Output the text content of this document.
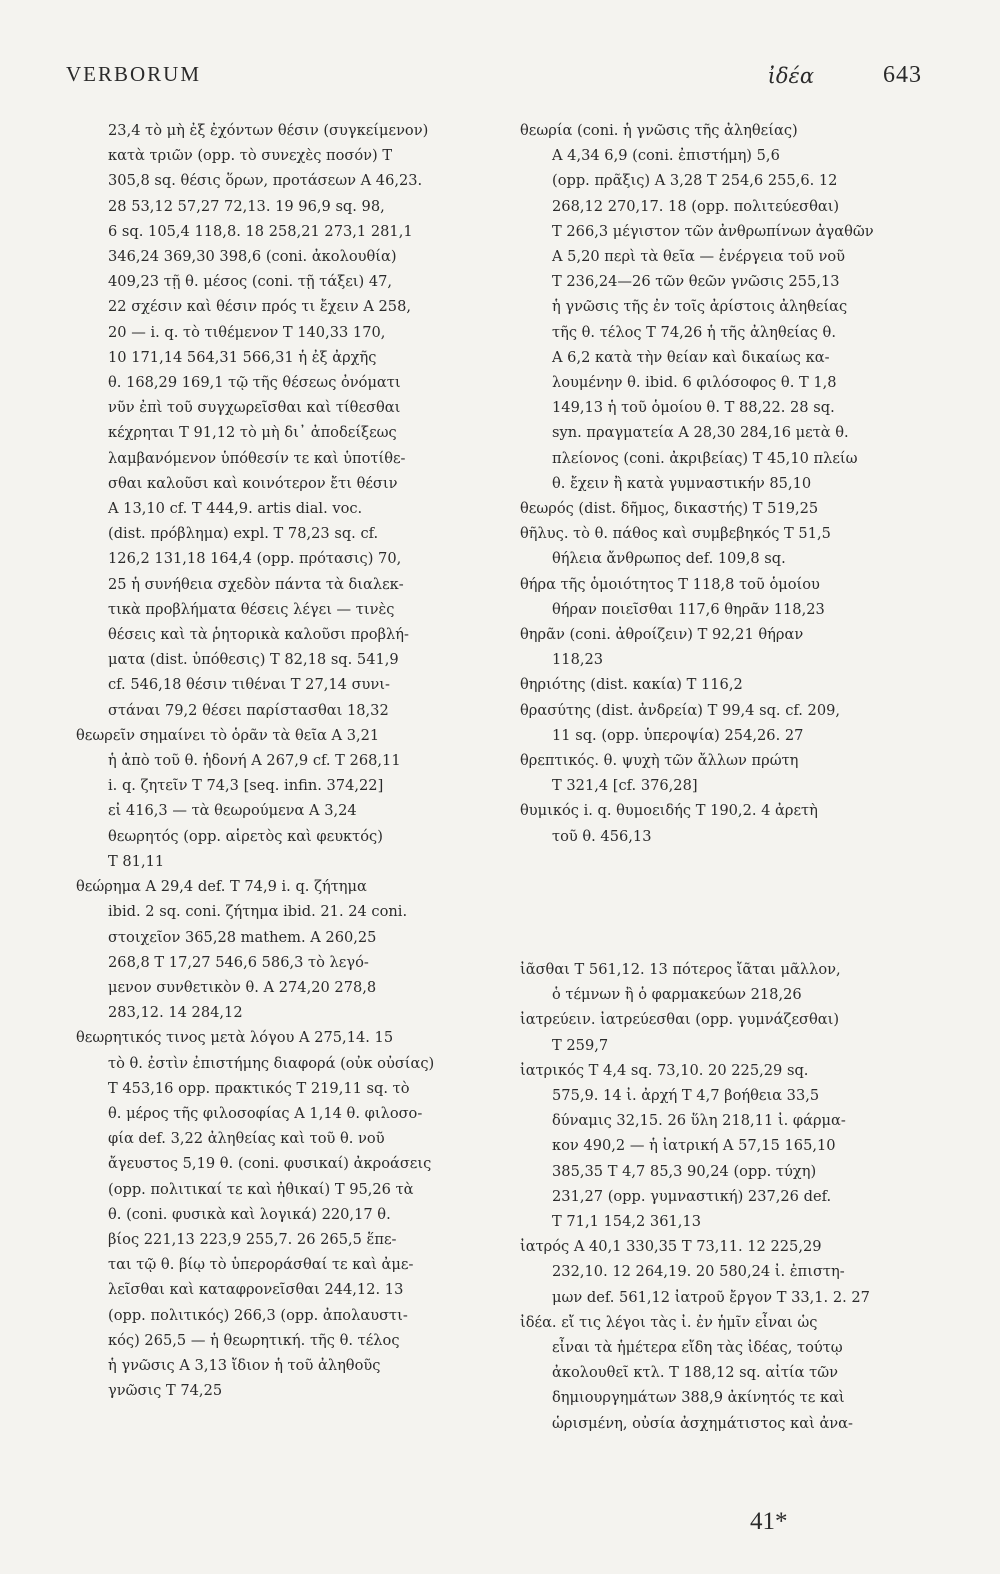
VERBORUM	ἰδέα	643
23,4 τὸ μὴ ἐξ ἐχόντων θέσιν (συγκείμενον)
κατὰ τριῶν (opp. τὸ συνεχὲς ποσόν) T
305,8 sq. θέσις ὅρων, προτάσεων A 46,23.
28 53,12 57,27 72,13. 19 96,9 sq. 98,
6 sq. 105,4 118,8. 18 258,21 273,1 281,1
346,24 369,30 398,6 (coni. ἀκολουθία)
409,23 τῇ θ. μέσος (coni. τῇ τάξει) 47,
22 σχέσιν καὶ θέσιν πρός τι ἔχειν A 258,
20 — i. q. τὸ τιθέμενον T 140,33 170,
10 171,14 564,31 566,31 ἡ ἐξ ἀρχῆς
θ. 168,29 169,1 τῷ τῆς θέσεως ὀνόματι
νῦν ἐπὶ τοῦ συγχωρεῖσθαι καὶ τίθεσθαι
κέχρηται T 91,12 τὸ μὴ δι᾽ ἀποδείξεως
λαμβανόμενον ὑπόθεσίν τε καὶ ὑποτίθε-
σθαι καλοῦσι καὶ κοινότερον ἔτι θέσιν
A 13,10 cf. T 444,9. artis dial. voc.
(dist. πρόβλημα) expl. T 78,23 sq. cf.
126,2 131,18 164,4 (opp. πρότασις) 70,
25 ἡ συνήθεια σχεδὸν πάντα τὰ διαλεκ-
τικὰ προβλήματα θέσεις λέγει — τινὲς
θέσεις καὶ τὰ ῥητορικὰ καλοῦσι προβλή-
ματα (dist. ὑπόθεσις) T 82,18 sq. 541,9
cf. 546,18 θέσιν τιθέναι T 27,14 συνι-
στάναι 79,2 θέσει παρίστασθαι 18,32
θεωρεῖν σημαίνει τὸ ὁρᾶν τὰ θεῖα A 3,21
ἡ ἀπὸ τοῦ θ. ἡδονή A 267,9 cf. T 268,11
i. q. ζητεῖν T 74,3 [seq. infin. 374,22]
εἰ 416,3 — τὰ θεωρούμενα A 3,24
θεωρητός (opp. αἱρετὸς καὶ φευκτός)
T 81,11
θεώρημα A 29,4 def. T 74,9 i. q. ζήτημα
ibid. 2 sq. coni. ζήτημα ibid. 21. 24 coni.
στοιχεῖον 365,28 mathem. A 260,25
268,8 T 17,27 546,6 586,3 τὸ λεγό-
μενον συνθετικὸν θ. A 274,20 278,8
283,12. 14 284,12
θεωρητικός τινος μετὰ λόγου A 275,14. 15
τὸ θ. ἐστὶν ἐπιστήμης διαφορά (οὐκ οὐσίας)
T 453,16 opp. πρακτικός T 219,11 sq. τὸ
θ. μέρος τῆς φιλοσοφίας A 1,14 θ. φιλοσο-
φία def. 3,22 ἀληθείας καὶ τοῦ θ. νοῦ
ἄγευστος 5,19 θ. (coni. φυσικαί) ἀκροάσεις
(opp. πολιτικαί τε καὶ ἠθικαί) T 95,26 τὰ
θ. (coni. φυσικὰ καὶ λογικά) 220,17 θ.
βίος 221,13 223,9 255,7. 26 265,5 ἕπε-
ται τῷ θ. βίῳ τὸ ὑπεροράσθαί τε καὶ ἀμε-
λεῖσθαι καὶ καταφρονεῖσθαι 244,12. 13
(opp. πολιτικός) 266,3 (opp. ἀπολαυστι-
κός) 265,5 — ἡ θεωρητική. τῆς θ. τέλος
ἡ γνῶσις A 3,13 ἴδιον ἡ τοῦ ἀληθοῦς
γνῶσις T 74,25
θεωρία (coni. ἡ γνῶσις τῆς ἀληθείας)
A 4,34 6,9 (coni. ἐπιστήμη) 5,6
(opp. πρᾶξις) A 3,28 T 254,6 255,6. 12
268,12 270,17. 18 (opp. πολιτεύεσθαι)
T 266,3 μέγιστον τῶν ἀνθρωπίνων ἀγαθῶν
A 5,20 περὶ τὰ θεῖα — ἐνέργεια τοῦ νοῦ
T 236,24—26 τῶν θεῶν γνῶσις 255,13
ἡ γνῶσις τῆς ἐν τοῖς ἀρίστοις ἀληθείας
τῆς θ. τέλος T 74,26 ἡ τῆς ἀληθείας θ.
A 6,2 κατὰ τὴν θείαν καὶ δικαίως κα-
λουμένην θ. ibid. 6 φιλόσοφος θ. T 1,8
149,13 ἡ τοῦ ὁμοίου θ. T 88,22. 28 sq.
syn. πραγματεία A 28,30 284,16 μετὰ θ.
πλείονος (coni. ἀκριβείας) T 45,10 πλείω
θ. ἔχειν ἢ κατὰ γυμναστικήν 85,10
θεωρός (dist. δῆμος, δικαστής) T 519,25
θῆλυς. τὸ θ. πάθος καὶ συμβεβηκός T 51,5
θήλεια ἄνθρωπος def. 109,8 sq.
θήρα τῆς ὁμοιότητος T 118,8 τοῦ ὁμοίου
θήραν ποιεῖσθαι 117,6 θηρᾶν 118,23
θηρᾶν (coni. ἀθροίζειν) T 92,21 θήραν
118,23
θηριότης (dist. κακία) T 116,2
θρασύτης (dist. ἀνδρεία) T 99,4 sq. cf. 209,
11 sq. (opp. ὑπεροψία) 254,26. 27
θρεπτικός. θ. ψυχὴ τῶν ἄλλων πρώτη
T 321,4 [cf. 376,28]
θυμικός i. q. θυμοειδής T 190,2. 4 ἀρετὴ
τοῦ θ. 456,13
ἰᾶσθαι T 561,12. 13 πότερος ἴᾶται μᾶλλον,
ὁ τέμνων ἢ ὁ φαρμακεύων 218,26
ἰατρεύειν. ἰατρεύεσθαι (opp. γυμνάζεσθαι)
T 259,7
ἰατρικός T 4,4 sq. 73,10. 20 225,29 sq.
575,9. 14 ἰ. ἀρχή T 4,7 βοήθεια 33,5
δύναμις 32,15. 26 ὕλη 218,11 ἰ. φάρμα-
κον 490,2 — ἡ ἰατρική A 57,15 165,10
385,35 T 4,7 85,3 90,24 (opp. τύχη)
231,27 (opp. γυμναστική) 237,26 def.
T 71,1 154,2 361,13
ἰατρός A 40,1 330,35 T 73,11. 12 225,29
232,10. 12 264,19. 20 580,24 ἰ. ἐπιστη-
μων def. 561,12 ἰατροῦ ἔργον T 33,1. 2. 27
ἰδέα. εἴ τις λέγοι τὰς ἰ. ἐν ἡμῖν εἶναι ὡς
εἶναι τὰ ἡμέτερα εἴδη τὰς ἰδέας, τούτῳ
ἀκολουθεῖ κτλ. T 188,12 sq. αἰτία τῶν
δημιουργημάτων 388,9 ἀκίνητός τε καὶ
ὡρισμένη, οὐσία ἀσχημάτιστος καὶ ἀνα-
41*
